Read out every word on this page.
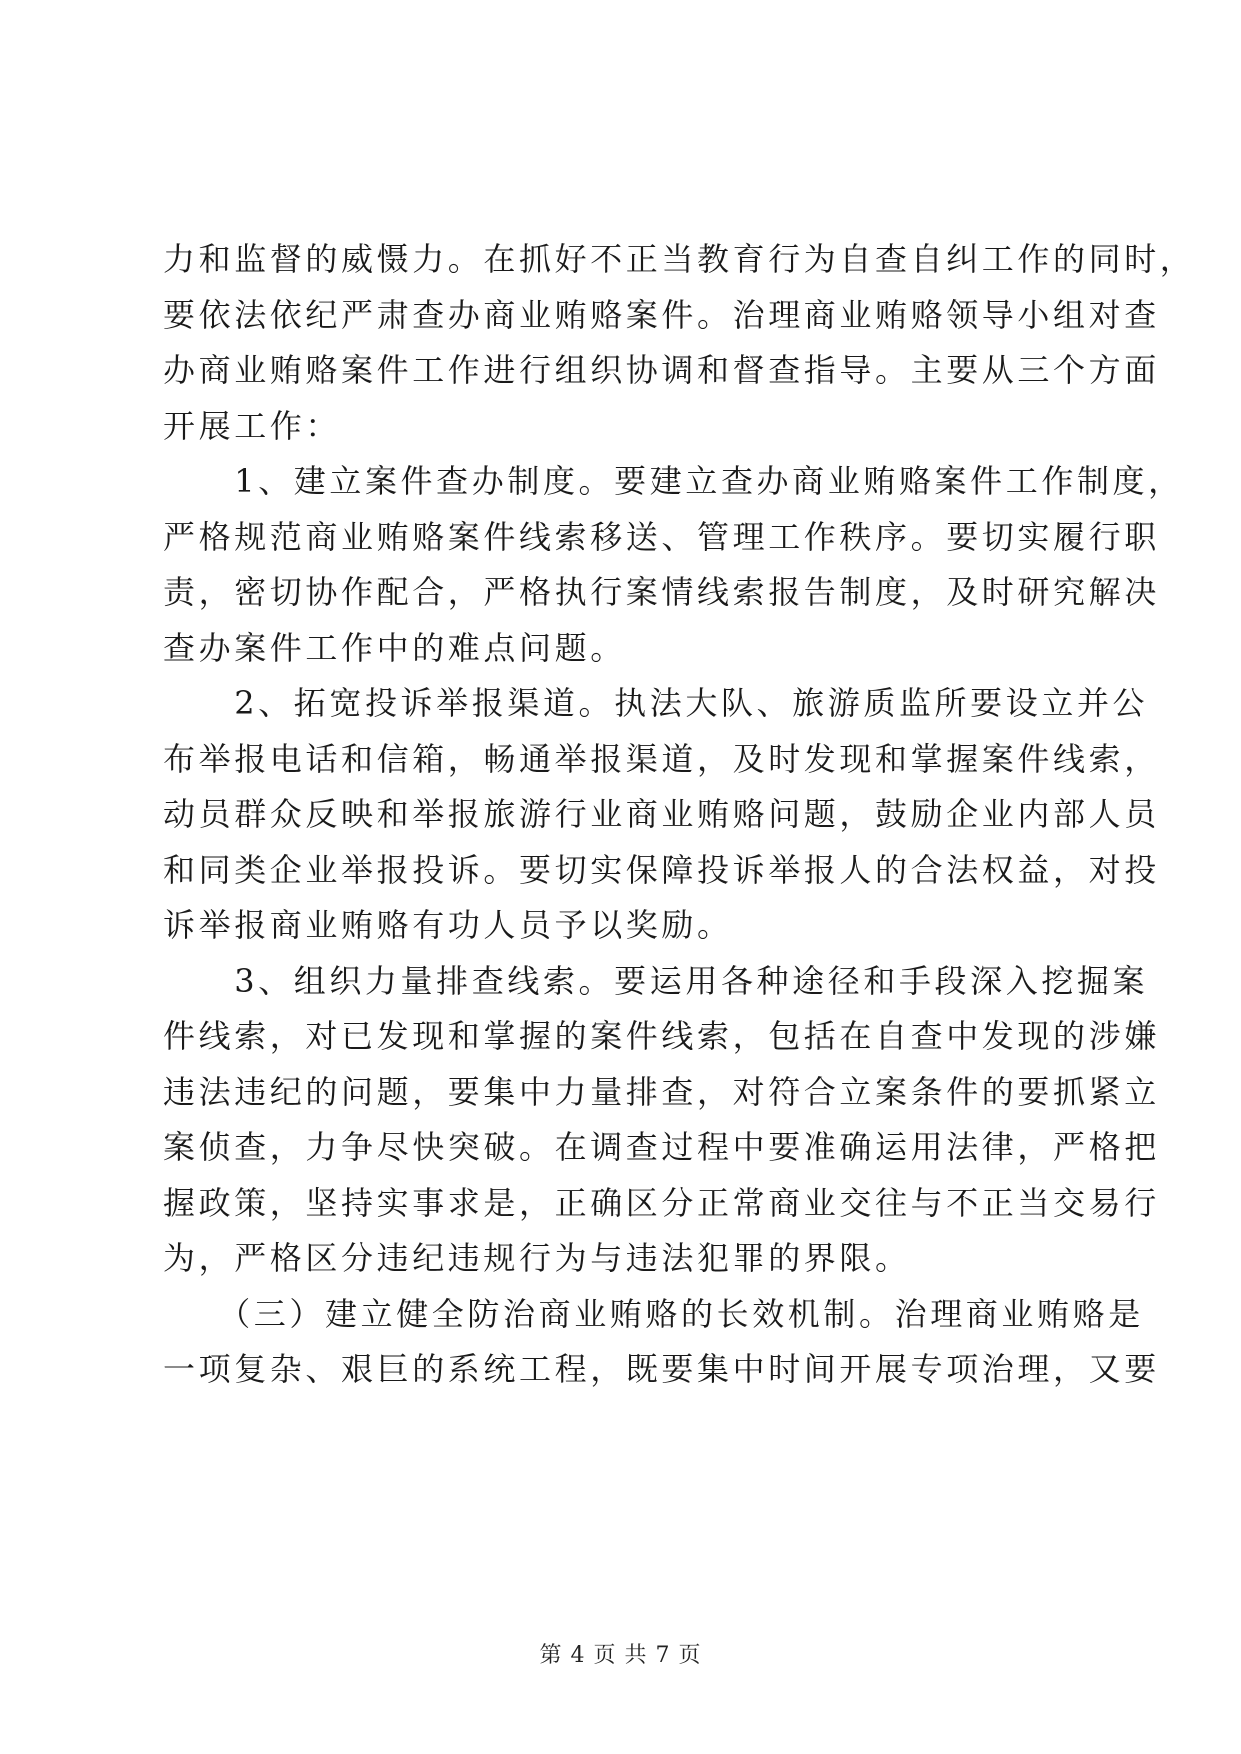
力和监督的威慑力。在抓好不正当教育行为自查自纠工作的同时，
要依法依纪严肃查办商业贿赂案件。治理商业贿赂领导小组对查
办商业贿赂案件工作进行组织协调和督查指导。主要从三个方面
开展工作：
　　1、建立案件查办制度。要建立查办商业贿赂案件工作制度，
严格规范商业贿赂案件线索移送、管理工作秩序。要切实履行职
责，密切协作配合，严格执行案情线索报告制度，及时研究解决
查办案件工作中的难点问题。
　　2、拓宽投诉举报渠道。执法大队、旅游质监所要设立并公
布举报电话和信箱，畅通举报渠道，及时发现和掌握案件线索，
动员群众反映和举报旅游行业商业贿赂问题，鼓励企业内部人员
和同类企业举报投诉。要切实保障投诉举报人的合法权益，对投
诉举报商业贿赂有功人员予以奖励。
　　3、组织力量排查线索。要运用各种途径和手段深入挖掘案
件线索，对已发现和掌握的案件线索，包括在自查中发现的涉嫌
违法违纪的问题，要集中力量排查，对符合立案条件的要抓紧立
案侦查，力争尽快突破。在调查过程中要准确运用法律，严格把
握政策，坚持实事求是，正确区分正常商业交往与不正当交易行
为，严格区分违纪违规行为与违法犯罪的界限。
　　（三）建立健全防治商业贿赂的长效机制。治理商业贿赂是
一项复杂、艰巨的系统工程，既要集中时间开展专项治理，又要
第 4 页 共 7 页
